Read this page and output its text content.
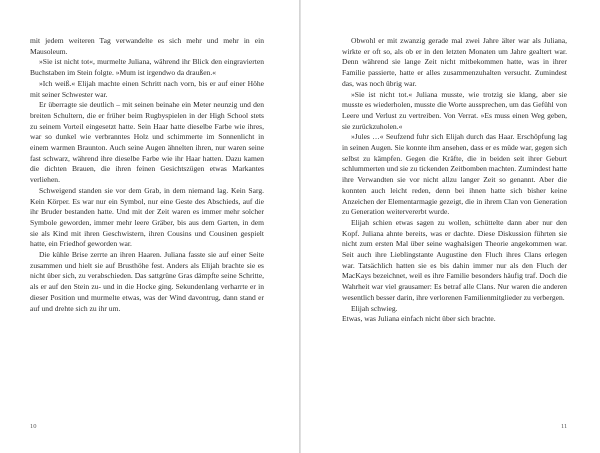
mit jedem weiteren Tag verwandelte es sich mehr und mehr in ein Mausoleum.

»Sie ist nicht tot«, murmelte Juliana, während ihr Blick den eingravierten Buchstaben im Stein folgte. »Mum ist irgendwo da draußen.«

»Ich weiß.« Elijah machte einen Schritt nach vorn, bis er auf einer Höhe mit seiner Schwester war.

Er überragte sie deutlich – mit seinen beinahe ein Meter neunzig und den breiten Schultern, die er früher beim Rugbyspielen in der High School stets zu seinem Vorteil eingesetzt hatte. Sein Haar hatte dieselbe Farbe wie ihres, war so dunkel wie verbranntes Holz und schimmerte im Sonnenlicht in einem warmen Braunton. Auch seine Augen ähnelten ihren, nur waren seine fast schwarz, während ihre dieselbe Farbe wie ihr Haar hatten. Dazu kamen die dichten Brauen, die ihren feinen Gesichtszügen etwas Markantes verliehen.

Schweigend standen sie vor dem Grab, in dem niemand lag. Kein Sarg. Kein Körper. Es war nur ein Symbol, nur eine Geste des Abschieds, auf die ihr Bruder bestanden hatte. Und mit der Zeit waren es immer mehr solcher Symbole geworden, immer mehr leere Gräber, bis aus dem Garten, in dem sie als Kind mit ihren Geschwistern, ihren Cousins und Cousinen gespielt hatte, ein Friedhof geworden war.

Die kühle Brise zerrte an ihren Haaren. Juliana fasste sie auf einer Seite zusammen und hielt sie auf Brusthöhe fest. Anders als Elijah brachte sie es nicht über sich, zu verabschieden. Das sattgrüne Gras dämpfte seine Schritte, als er auf den Stein zu- und in die Hocke ging. Sekundenlang verharrte er in dieser Position und murmelte etwas, was der Wind davontrug, dann stand er auf und drehte sich zu ihr um.

10

Obwohl er mit zwanzig gerade mal zwei Jahre älter war als Juliana, wirkte er oft so, als ob er in den letzten Monaten um Jahre gealtert war. Denn während sie lange Zeit nicht mitbekommen hatte, was in ihrer Familie passierte, hatte er alles zusammenzuhalten versucht. Zumindest das, was noch übrig war.

»Sie ist nicht tot.« Juliana musste, wie trotzig sie klang, aber sie musste es wiederholen, musste die Worte aussprechen, um das Gefühl von Leere und Verlust zu vertreiben. Von Verrat. »Es muss einen Weg geben, sie zurückzuholen.«

»Jules …« Seufzend fuhr sich Elijah durch das Haar. Erschöpfung lag in seinen Augen. Sie konnte ihm ansehen, dass er es müde war, gegen sich selbst zu kämpfen. Gegen die Kräfte, die in beiden seit ihrer Geburt schlummerten und sie zu tickenden Zeitbomben machten. Zumindest hatte ihre Verwandten sie vor nicht allzu langer Zeit so genannt. Aber die konnten auch leicht reden, denn bei ihnen hatte sich bisher keine Anzeichen der Elementarmagie gezeigt, die in ihrem Clan von Generation zu Generation weitervererbt wurde.

Elijah schien etwas sagen zu wollen, schüttelte dann aber nur den Kopf. Juliana ahnte bereits, was er dachte. Diese Diskussion führten sie nicht zum ersten Mal über seine waghalsigen Theorie angekommen war. Seit auch ihre Lieblingstante Augustine den Fluch ihres Clans erlegen war. Tatsächlich hatten sie es bis dahin immer nur als den Fluch der MacKays bezeichnet, weil es ihre Familie besonders häufig traf. Doch die Wahrheit war viel grausamer: Es betraf alle Clans. Nur waren die anderen wesentlich besser darin, ihre verlorenen Familienmitglieder zu verbergen.

Elijah schwieg.

Etwas, was Juliana einfach nicht über sich brachte.

11
